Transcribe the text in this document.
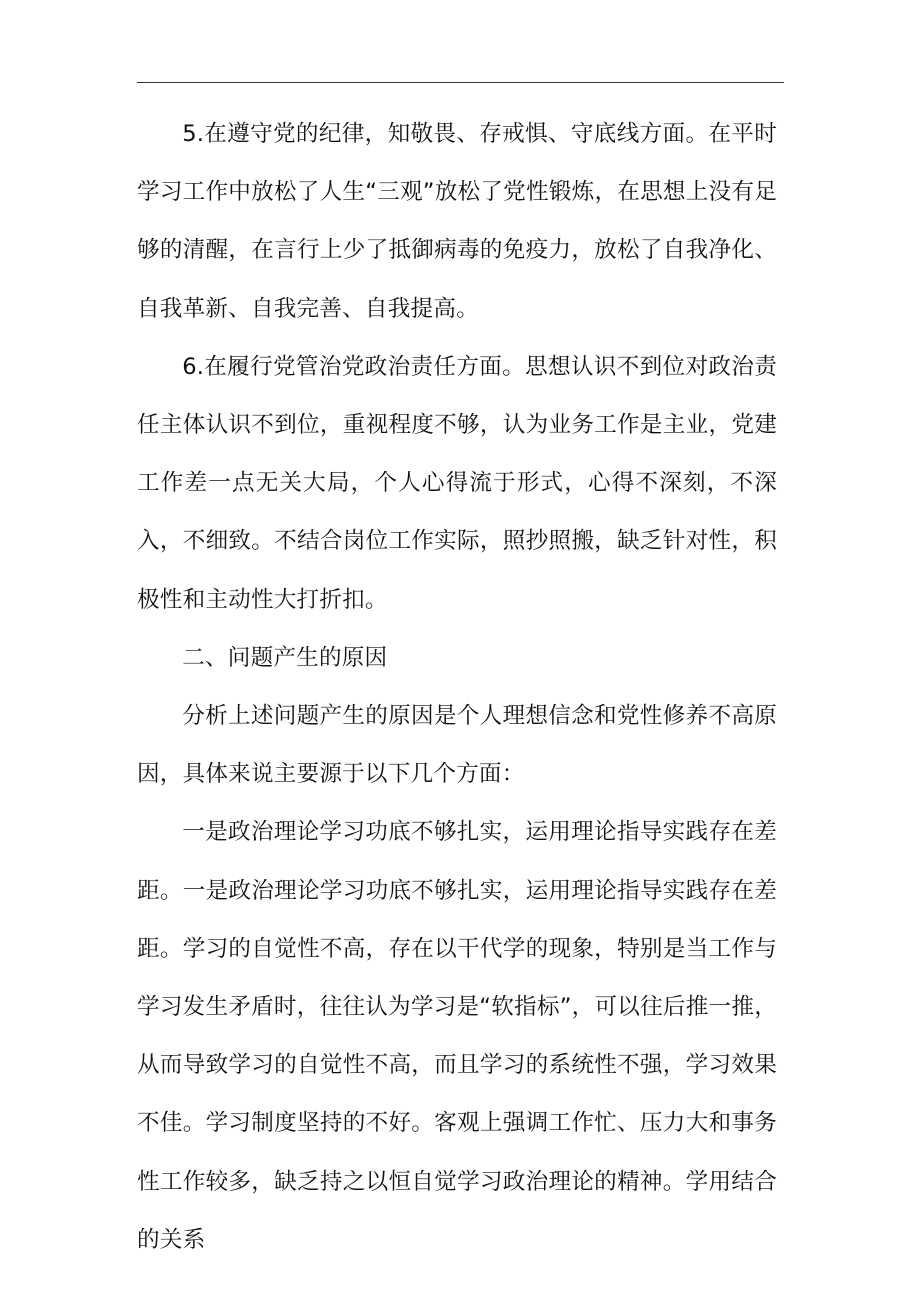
5.在遵守党的纪律，知敬畏、存戒惧、守底线方面。在平时学习工作中放松了人生“三观”放松了党性锻炼，在思想上没有足够的清醒，在言行上少了抵御病毒的免疫力，放松了自我净化、自我革新、自我完善、自我提高。

6.在履行党管治党政治责任方面。思想认识不到位对政治责任主体认识不到位，重视程度不够，认为业务工作是主业，党建工作差一点无关大局，个人心得流于形式，心得不深刻，不深入，不细致。不结合岗位工作实际，照抄照搬，缺乏针对性，积极性和主动性大打折扣。

二、问题产生的原因

分析上述问题产生的原因是个人理想信念和党性修养不高原因，具体来说主要源于以下几个方面：

一是政治理论学习功底不够扎实，运用理论指导实践存在差距。一是政治理论学习功底不够扎实，运用理论指导实践存在差距。学习的自觉性不高，存在以干代学的现象，特别是当工作与学习发生矛盾时，往往认为学习是“软指标”，可以往后推一推，从而导致学习的自觉性不高，而且学习的系统性不强，学习效果不佳。学习制度坚持的不好。客观上强调工作忙、压力大和事务性工作较多，缺乏持之以恒自觉学习政治理论的精神。学用结合的关系
